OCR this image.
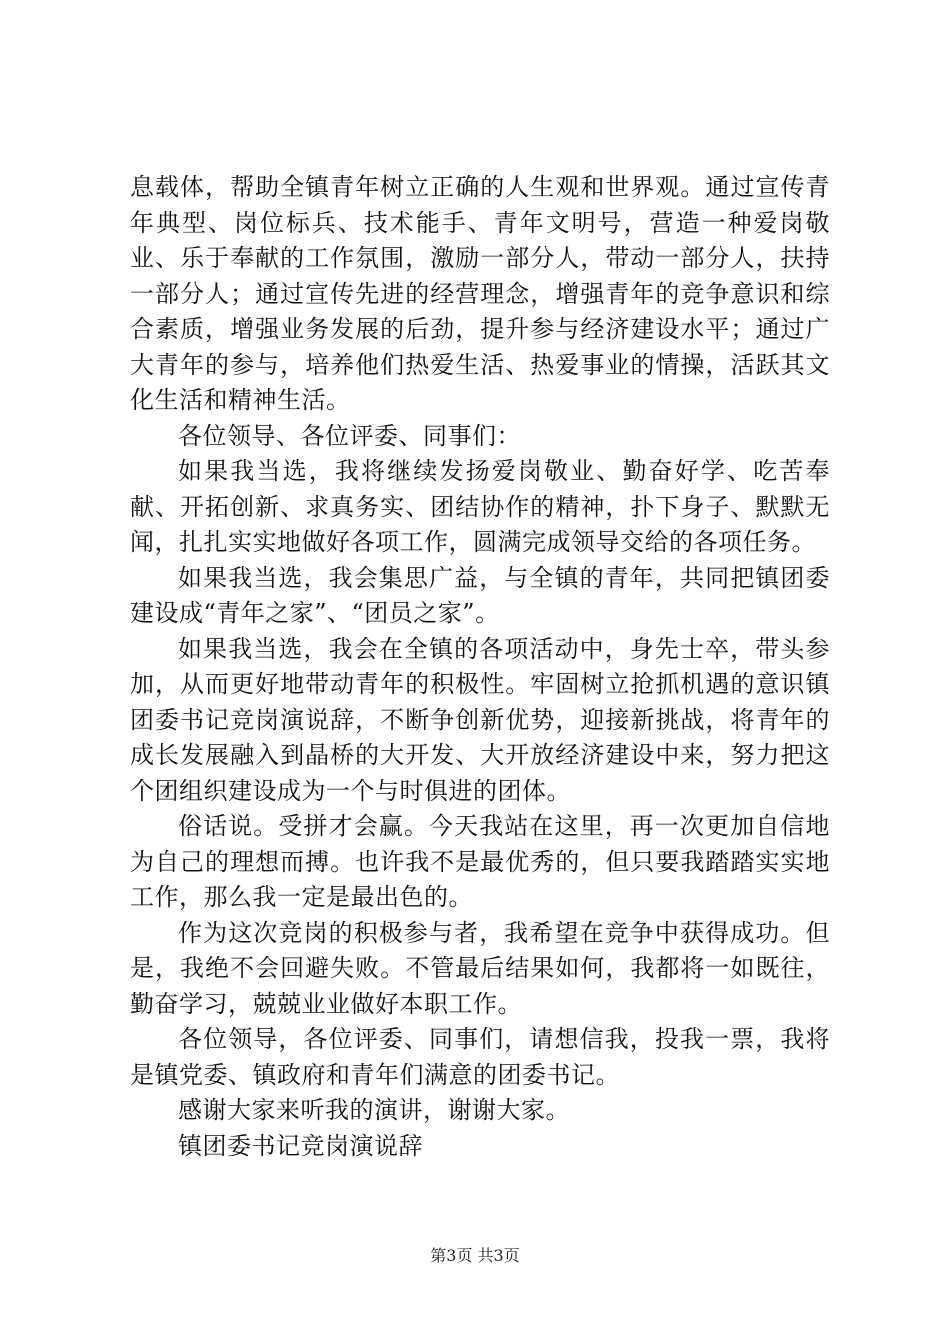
息载体，帮助全镇青年树立正确的人生观和世界观。通过宣传青年典型、岗位标兵、技术能手、青年文明号，营造一种爱岗敬业、乐于奉献的工作氛围，激励一部分人，带动一部分人，扶持一部分人；通过宣传先进的经营理念，增强青年的竞争意识和综合素质，增强业务发展的后劲，提升参与经济建设水平；通过广大青年的参与，培养他们热爱生活、热爱事业的情操，活跃其文化生活和精神生活。

各位领导、各位评委、同事们：

如果我当选，我将继续发扬爱岗敬业、勤奋好学、吃苦奉献、开拓创新、求真务实、团结协作的精神，扑下身子、默默无闻，扎扎实实地做好各项工作，圆满完成领导交给的各项任务。

如果我当选，我会集思广益，与全镇的青年，共同把镇团委建设成“青年之家”、“团员之家”。

如果我当选，我会在全镇的各项活动中，身先士卒，带头参加，从而更好地带动青年的积极性。牢固树立抢抓机遇的意识镇团委书记竞岗演说辞，不断争创新优势，迎接新挑战，将青年的成长发展融入到晶桥的大开发、大开放经济建设中来，努力把这个团组织建设成为一个与时俱进的团体。

俗话说。受拼才会赢。今天我站在这里，再一次更加自信地为自己的理想而搏。也许我不是最优秀的，但只要我踏踏实实地工作，那么我一定是最出色的。

作为这次竞岗的积极参与者，我希望在竞争中获得成功。但是，我绝不会回避失败。不管最后结果如何，我都将一如既往，勤奋学习，兢兢业业做好本职工作。

各位领导，各位评委、同事们，请想信我，投我一票，我将是镇党委、镇政府和青年们满意的团委书记。

感谢大家来听我的演讲，谢谢大家。

镇团委书记竞岗演说辞

第3页 共3页
